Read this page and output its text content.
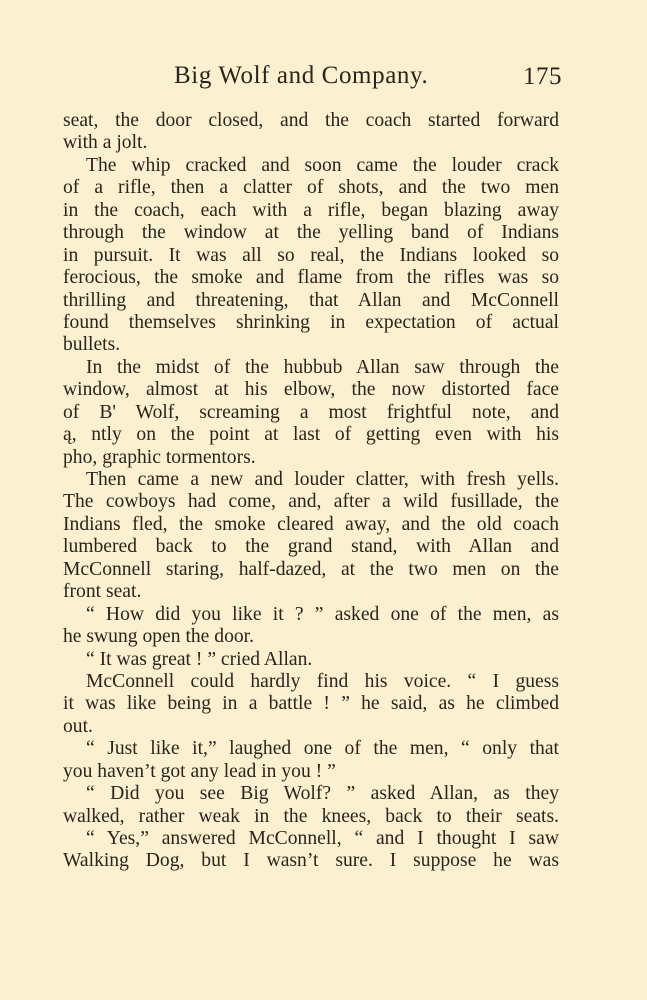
Big Wolf and Company.	175
seat, the door closed, and the coach started forward
with a jolt.
The whip cracked and soon came the louder crack
of a rifle, then a clatter of shots, and the two men
in the coach, each with a rifle, began blazing away
through the window at the yelling band of Indians
in pursuit. It was all so real, the Indians looked so
ferocious, the smoke and flame from the rifles was so
thrilling and threatening, that Allan and McConnell
found themselves shrinking in expectation of actual
bullets.
In the midst of the hubbub Allan saw through the
window, almost at his elbow, the now distorted face
of B' Wolf, screaming a most frightful note, and
ą, ntly on the point at last of getting even with his
pho, graphic tormentors.
Then came a new and louder clatter, with fresh yells.
The cowboys had come, and, after a wild fusillade, the
Indians fled, the smoke cleared away, and the old coach
lumbered back to the grand stand, with Allan and
McConnell staring, half-dazed, at the two men on the
front seat.
“ How did you like it ? ” asked one of the men, as
he swung open the door.
“ It was great ! ” cried Allan.
McConnell could hardly find his voice. “ I guess
it was like being in a battle ! ” he said, as he climbed
out.
“ Just like it,” laughed one of the men, “ only that
you haven’t got any lead in you ! ”
“ Did you see Big Wolf? ” asked Allan, as they
walked, rather weak in the knees, back to their seats.
“ Yes,” answered McConnell, “ and I thought I saw
Walking Dog, but I wasn’t sure. I suppose he was
